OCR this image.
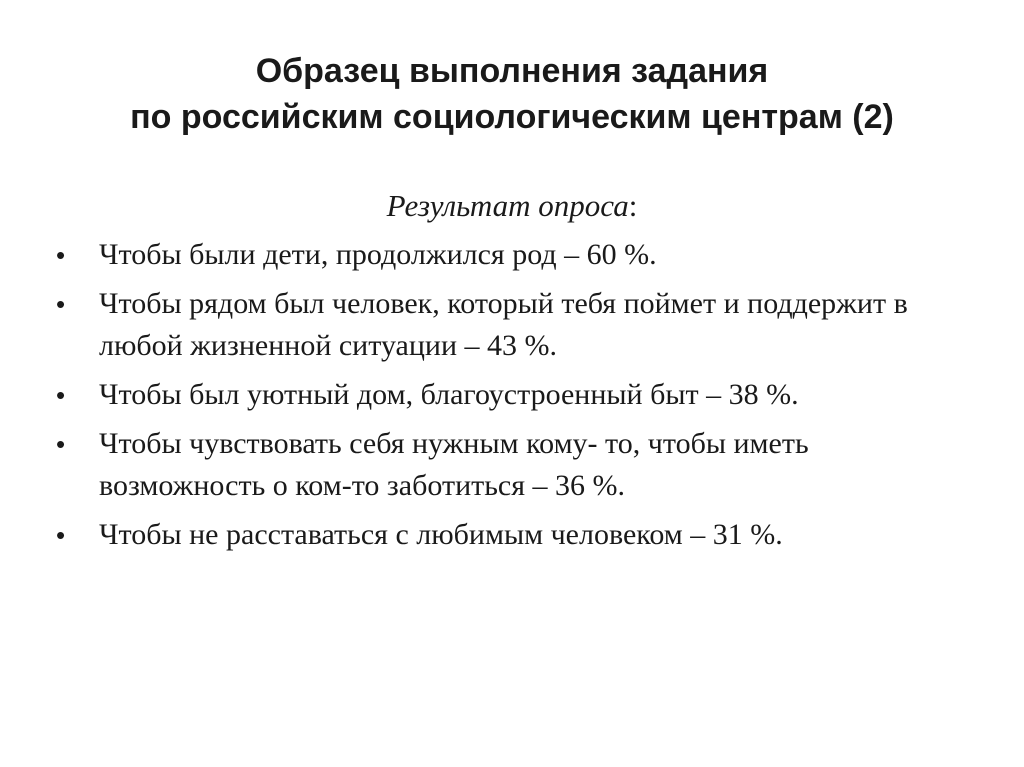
Образец выполнения задания
по российским социологическим центрам (2)
Результат опроса:
• Чтобы были дети, продолжился род – 60 %.
• Чтобы рядом был человек, который тебя поймет и поддержит в любой жизненной ситуации – 43 %.
• Чтобы был уютный дом, благоустроенный быт – 38 %.
• Чтобы чувствовать себя нужным кому- то, чтобы иметь возможность о ком-то заботиться – 36 %.
• Чтобы не расставаться с любимым человеком – 31 %.
